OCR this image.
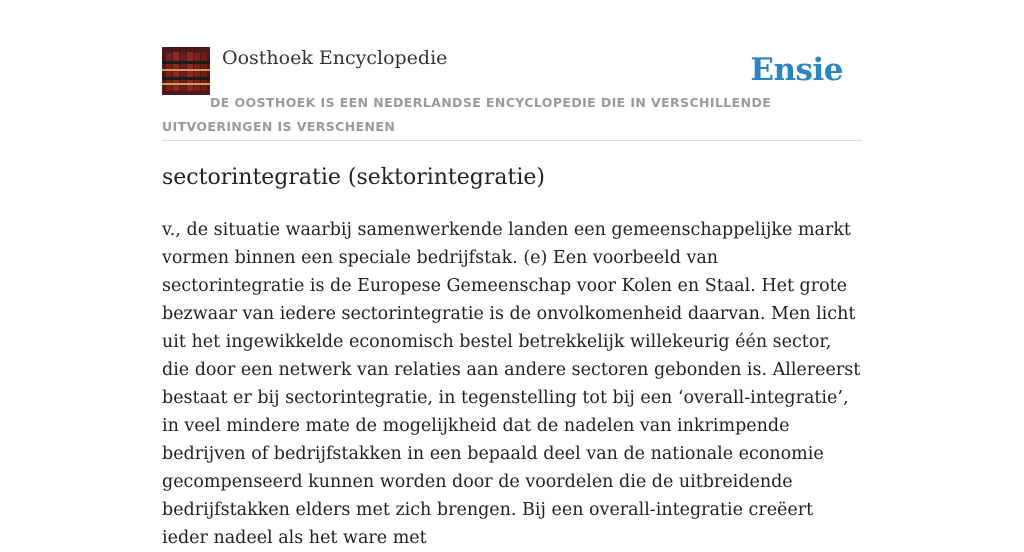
Oosthoek Encyclopedie	Ensie
DE OOSTHOEK IS EEN NEDERLANDSE ENCYCLOPEDIE DIE IN VERSCHILLENDE UITVOERINGEN IS VERSCHENEN
sectorintegratie (sektorintegratie)

v., de situatie waarbij samenwerkende landen een gemeenschappelijke markt vormen binnen een speciale bedrijfstak. (e) Een voorbeeld van sectorintegratie is de Europese Gemeenschap voor Kolen en Staal. Het grote bezwaar van iedere sectorintegratie is de onvolkomenheid daarvan. Men licht uit het ingewikkelde economisch bestel betrekkelijk willekeurig één sector, die door een netwerk van relaties aan andere sectoren gebonden is. Allereerst bestaat er bij sectorintegratie, in tegenstelling tot bij een ‘overall-integratie’, in veel mindere mate de mogelijkheid dat de nadelen van inkrimpende bedrijven of bedrijfstakken in een bepaald deel van de nationale economie gecompenseerd kunnen worden door de voordelen die de uitbreidende bedrijfstakken elders met zich brengen. Bij een overall-integratie creëert ieder nadeel als het ware met
